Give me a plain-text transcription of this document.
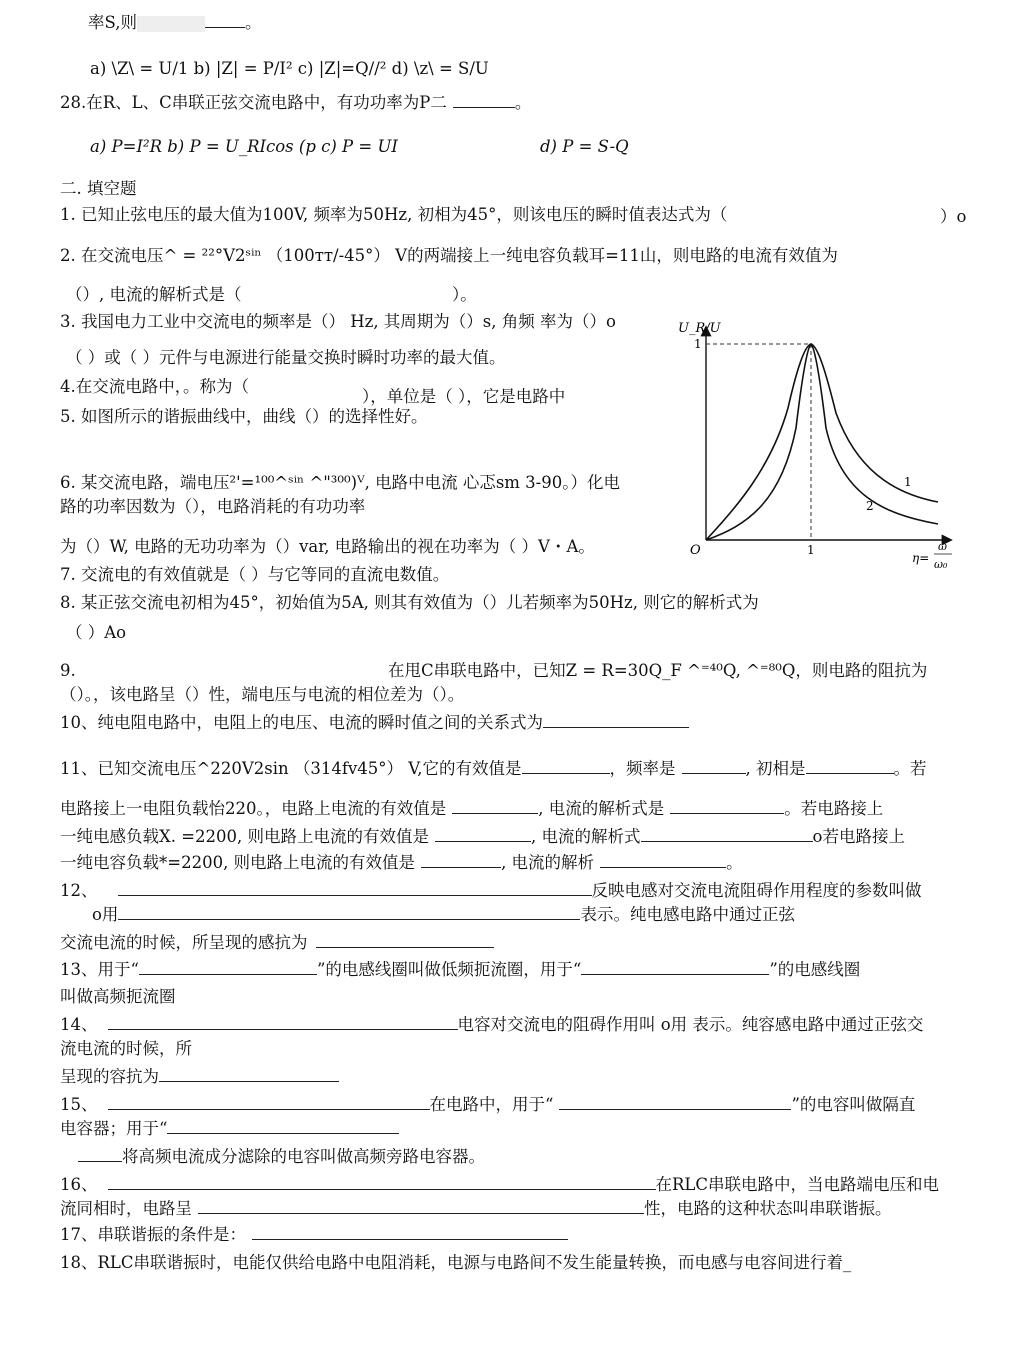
率S,则	。
a) \Z\ = U/1 b) |Z| = P/I² c) |Z|=Q//² d) \z\ = S/U
28.在R、L、C串联正弦交流电路中，有功功率为P二	。
a) P=I²R b) P = U_RIcos (p c) P = UI	d) P = S-Q
二. 填空题
1. 已知止弦电压的最大值为100V, 频率为50Hz, 初相为45°，则该电压的瞬时值表达式为（	）o
2. 在交流电压^ = ²²°V2ˢⁱⁿ （100тт/-45°） V的两端接上一纯电容负载耳=11山，则电路的电流有效值为
（）, 电流的解析式是（	）。
3. 我国电力工业中交流电的频率是（） Hz, 其周期为（）s, 角频 率为（）o
（ ）或（ ）元件与电源进行能量交换时瞬时功率的最大值。
4.在交流电路中，。称为（
），单位是（ ），它是电路中
5. 如图所示的谐振曲线中，曲线（）的选择性好。
6. 某交流电路，端电压²'=¹⁰⁰^ˢⁱⁿ ^"³⁰⁰)ⱽ, 电路中电流 心忑sm 3-90。）化电
路的功率因数为（），电路消耗的有功功率
为（）W, 电路的无功功率为（）var, 电路输出的视在功率为（ ）V・A。
7. 交流电的有效值就是（ ）与它等同的直流电数值。
8. 某正弦交流电初相为45°，初始值为5A, 则其有效值为（）儿若频率为50Hz, 则它的解析式为
（ ）Ao
9.	在甩C串联电路中，已知Z = R=30Q_F ^⁼⁴⁰Q, ^⁼⁸⁰Q，则电路的阻抗为
（）。，该电路呈（）性，端电压与电流的相位差为（）。
10、纯电阻电路中，电阻上的电压、电流的瞬时值之间的关系式为
11、已知交流电压^220V2sin （314fv45°） V,它的有效值是	，频率是	, 初相是	。若
电路接上一电阻负载怡220。，电路上电流的有效值是	, 电流的解析式是	。若电路接上
一纯电感负载X. =2200, 则电路上电流的有效值是	, 电流的解析式	o若电路接上
一纯电容负载*=2200, 则电路上电流的有效值是	, 电流的解析	。
12、	反映电感对交流电流阻碍作用程度的参数叫做
o用	表示。纯电感电路中通过正弦
交流电流的时候，所呈现的感抗为
13、用于“	”的电感线圈叫做低频扼流圈，用于“	”的电感线圈
叫做高频扼流圈
14、	电容对交流电的阻碍作用叫 o用 表示。纯容感电路中通过正弦交
流电流的时候，所
呈现的容抗为
15、	在电路中，用于“	”的电容叫做隔直
电容器；用于“
将高频电流成分滤除的电容叫做高频旁路电容器。
16、	在RLC串联电路中，当电路端电压和电
流同相时，电路呈	性，电路的这种状态叫串联谐振。
17、串联谐振的条件是：
18、RLC串联谐振时，电能仅供给电路中电阻消耗，电源与电路间不发生能量转换，而电感与电容间进行着_
U_R/U
1
O	1
1
2
η=
ω
ω₀
